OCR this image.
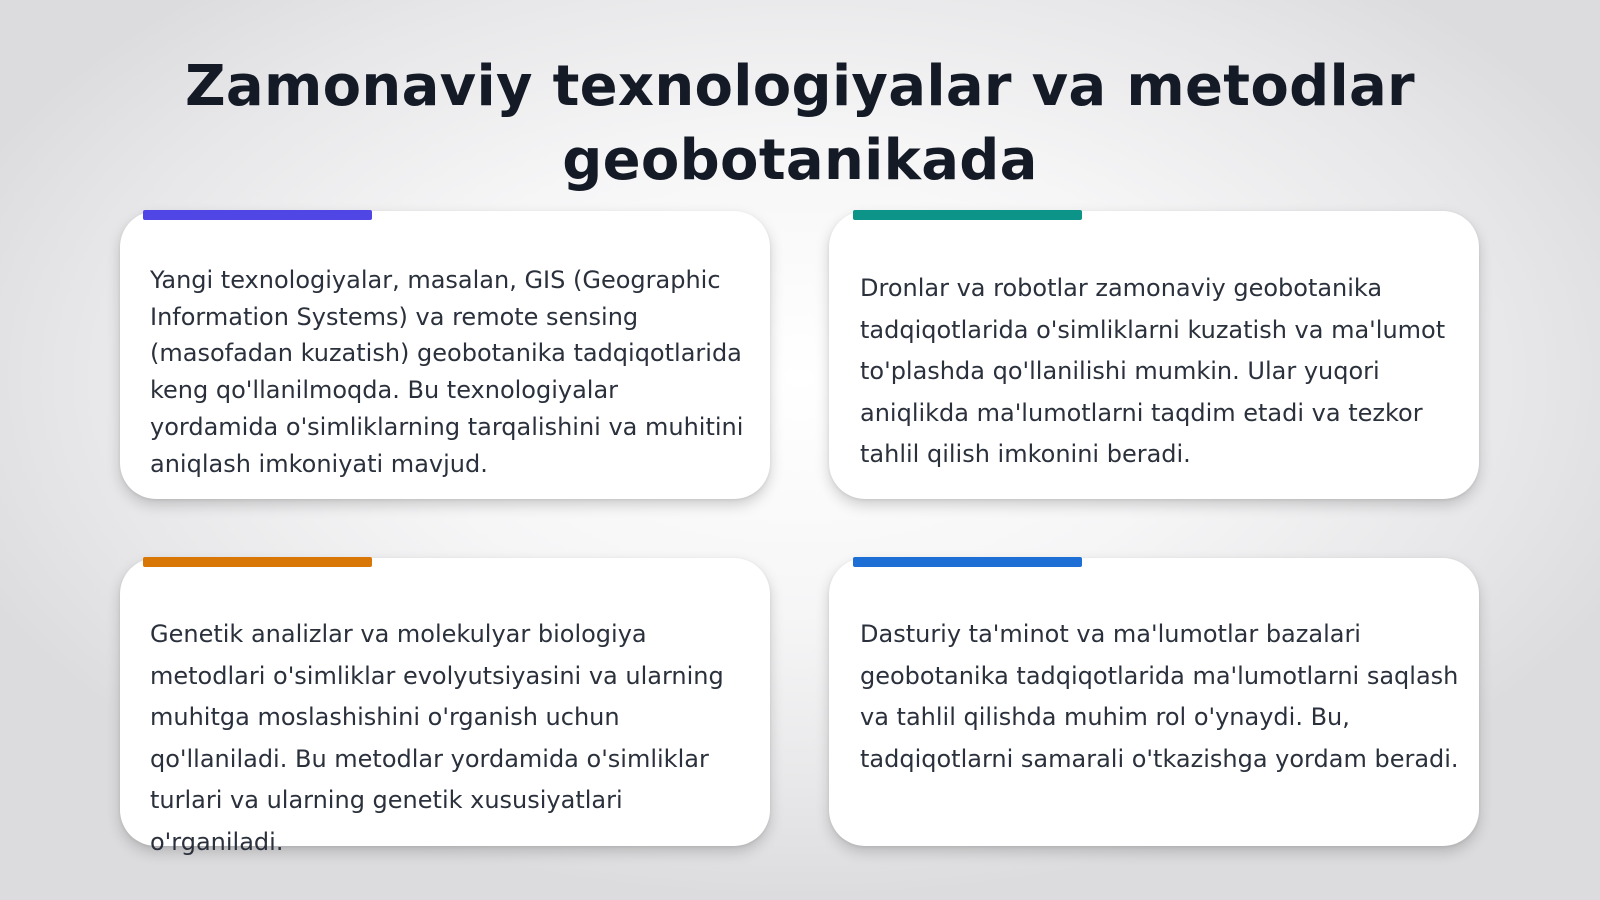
Zamonaviy texnologiyalar va metodlar geobotanikada

Yangi texnologiyalar, masalan, GIS (Geographic Information Systems) va remote sensing (masofadan kuzatish) geobotanika tadqiqotlarida keng qo'llanilmoqda. Bu texnologiyalar yordamida o'simliklarning tarqalishini va muhitini aniqlash imkoniyati mavjud.

Dronlar va robotlar zamonaviy geobotanika tadqiqotlarida o'simliklarni kuzatish va ma'lumot to'plashda qo'llanilishi mumkin. Ular yuqori aniqlikda ma'lumotlarni taqdim etadi va tezkor tahlil qilish imkonini beradi.

Genetik analizlar va molekulyar biologiya metodlari o'simliklar evolyutsiyasini va ularning muhitga moslashishini o'rganish uchun qo'llaniladi. Bu metodlar yordamida o'simliklar turlari va ularning genetik xususiyatlari o'rganiladi.

Dasturiy ta'minot va ma'lumotlar bazalari geobotanika tadqiqotlarida ma'lumotlarni saqlash va tahlil qilishda muhim rol o'ynaydi. Bu, tadqiqotlarni samarali o'tkazishga yordam beradi.
